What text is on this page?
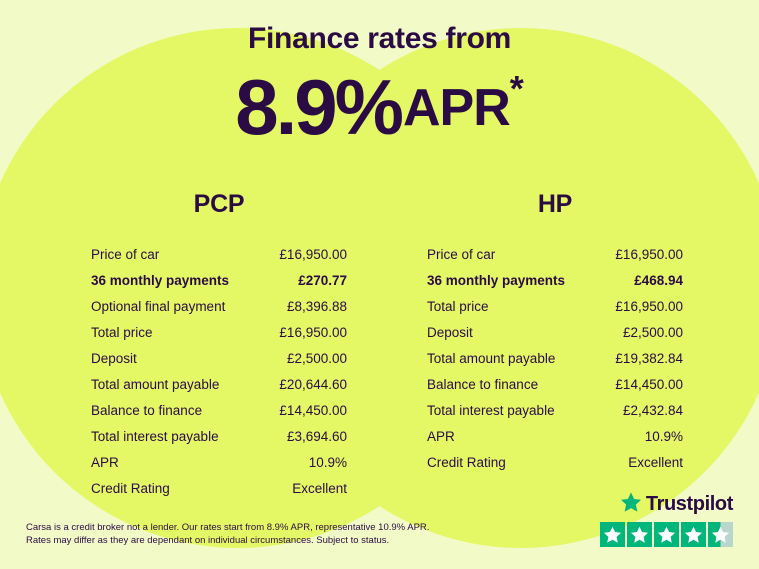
Finance rates from
8.9%APR*
PCP
Price of car	£16,950.00
36 monthly payments	£270.77
Optional final payment	£8,396.88
Total price	£16,950.00
Deposit	£2,500.00
Total amount payable	£20,644.60
Balance to finance	£14,450.00
Total interest payable	£3,694.60
APR	10.9%
Credit Rating	Excellent
HP
Price of car	£16,950.00
36 monthly payments	£468.94
Total price	£16,950.00
Deposit	£2,500.00
Total amount payable	£19,382.84
Balance to finance	£14,450.00
Total interest payable	£2,432.84
APR	10.9%
Credit Rating	Excellent
Carsa is a credit broker not a lender. Our rates start from 8.9% APR, representative 10.9% APR.
Rates may differ as they are dependant on individual circumstances. Subject to status.
Trustpilot
